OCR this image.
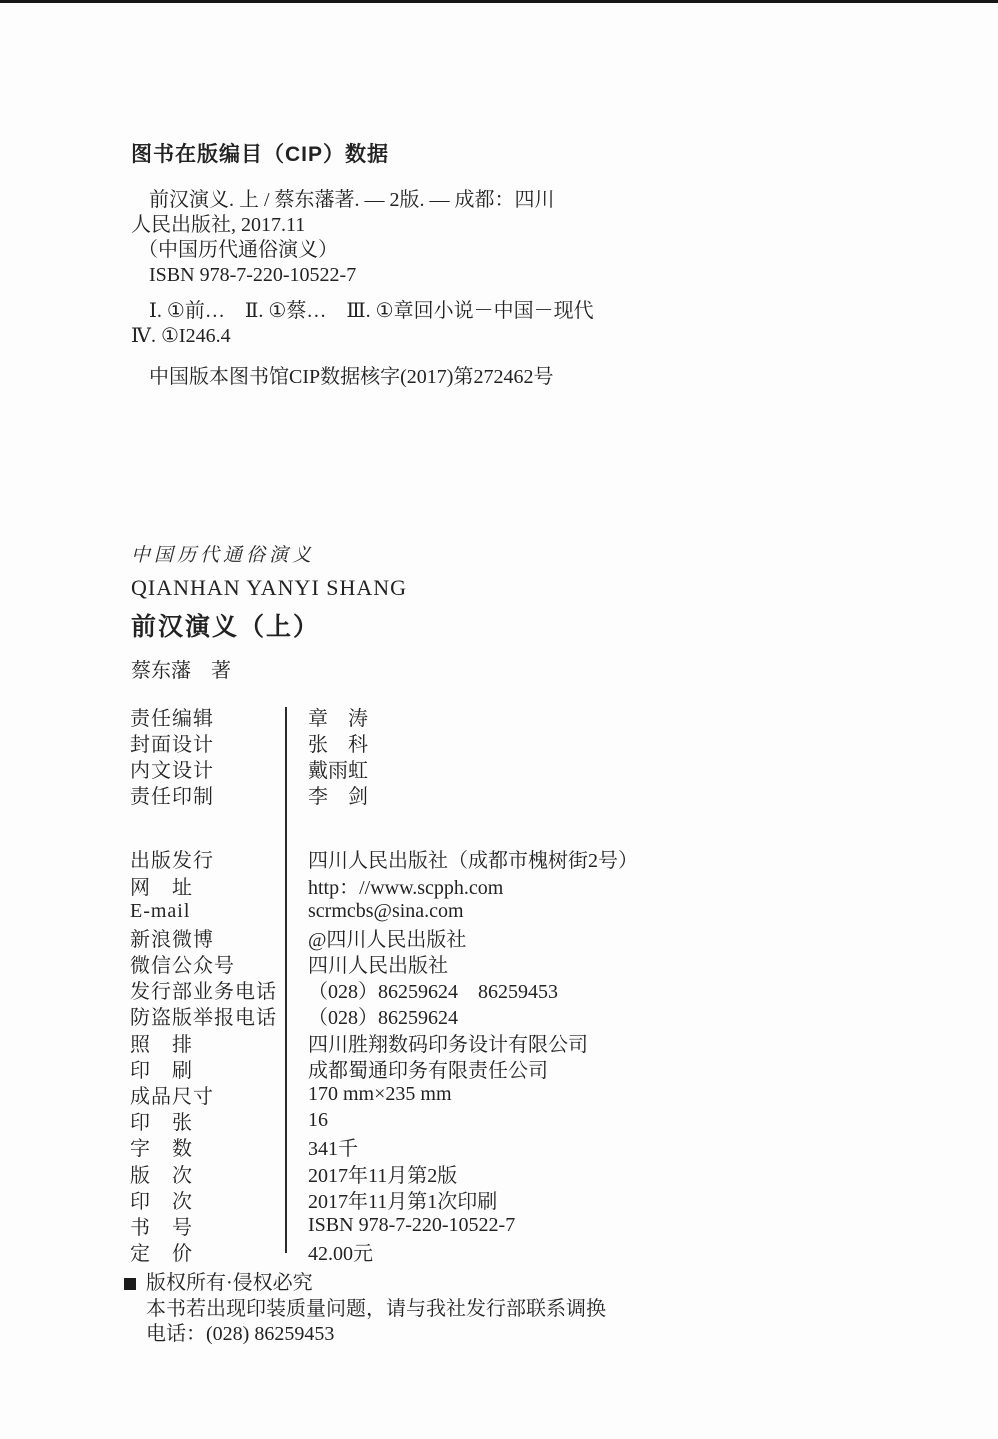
图书在版编目（CIP）数据
前汉演义. 上 / 蔡东藩著. — 2版. — 成都：四川
人民出版社, 2017.11
（中国历代通俗演义）
ISBN 978-7-220-10522-7
Ⅰ. ①前…　Ⅱ. ①蔡…　Ⅲ. ①章回小说－中国－现代
Ⅳ. ①I246.4
中国版本图书馆CIP数据核字(2017)第272462号
中国历代通俗演义
QIANHAN YANYI SHANG
前汉演义（上）
蔡东藩　著
责任编辑	章　涛
封面设计	张　科
内文设计	戴雨虹
责任印制	李　剑
出版发行	四川人民出版社（成都市槐树街2号）
网　址	http：//www.scpph.com
E-mail	scrmcbs@sina.com
新浪微博	@四川人民出版社
微信公众号	四川人民出版社
发行部业务电话	（028）86259624　86259453
防盗版举报电话	（028）86259624
照　排	四川胜翔数码印务设计有限公司
印　刷	成都蜀通印务有限责任公司
成品尺寸	170 mm×235 mm
印　张	16
字　数	341千
版　次	2017年11月第2版
印　次	2017年11月第1次印刷
书　号	ISBN 978-7-220-10522-7
定　价	42.00元
版权所有·侵权必究
本书若出现印装质量问题，请与我社发行部联系调换
电话：(028) 86259453
